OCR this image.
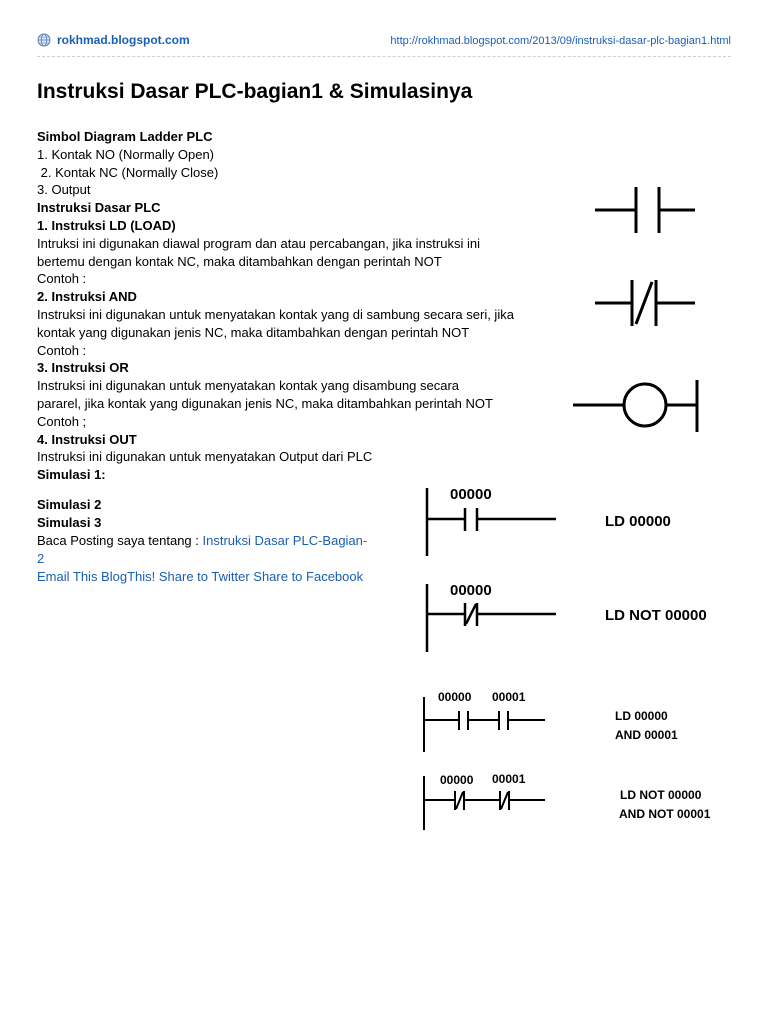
rokhmad.blogspot.com	http://rokhmad.blogspot.com/2013/09/instruksi-dasar-plc-bagian1.html
Instruksi Dasar PLC-bagian1 & Simulasinya
Simbol Diagram Ladder PLC
1. Kontak NO (Normally Open)
2. Kontak NC (Normally Close)
3. Output
Instruksi Dasar PLC
1. Instruksi LD (LOAD)
Intruksi ini digunakan diawal program dan atau percabangan, jika instruksi ini
bertemu dengan kontak NC, maka ditambahkan dengan perintah NOT
Contoh :
2. Instruksi AND
Instruksi ini digunakan untuk menyatakan kontak yang di sambung secara seri, jika
kontak yang digunakan jenis NC, maka ditambahkan dengan perintah NOT
Contoh :
3. Instruksi OR
Instruksi ini digunakan untuk menyatakan kontak yang disambung secara
pararel, jika kontak yang digunakan jenis NC, maka ditambahkan perintah NOT
Contoh ;
4. Instruksi OUT
Instruksi ini digunakan untuk menyatakan Output dari PLC
Simulasi 1:
Simulasi 2
Simulasi 3
Baca Posting saya tentang : Instruksi Dasar PLC-Bagian-
2
Email This BlogThis! Share to Twitter Share to Facebook
00000
LD 00000
00000
LD NOT 00000
00000 00001
LD 00000
AND 00001
00000 00001
LD NOT 00000
AND NOT 00001
